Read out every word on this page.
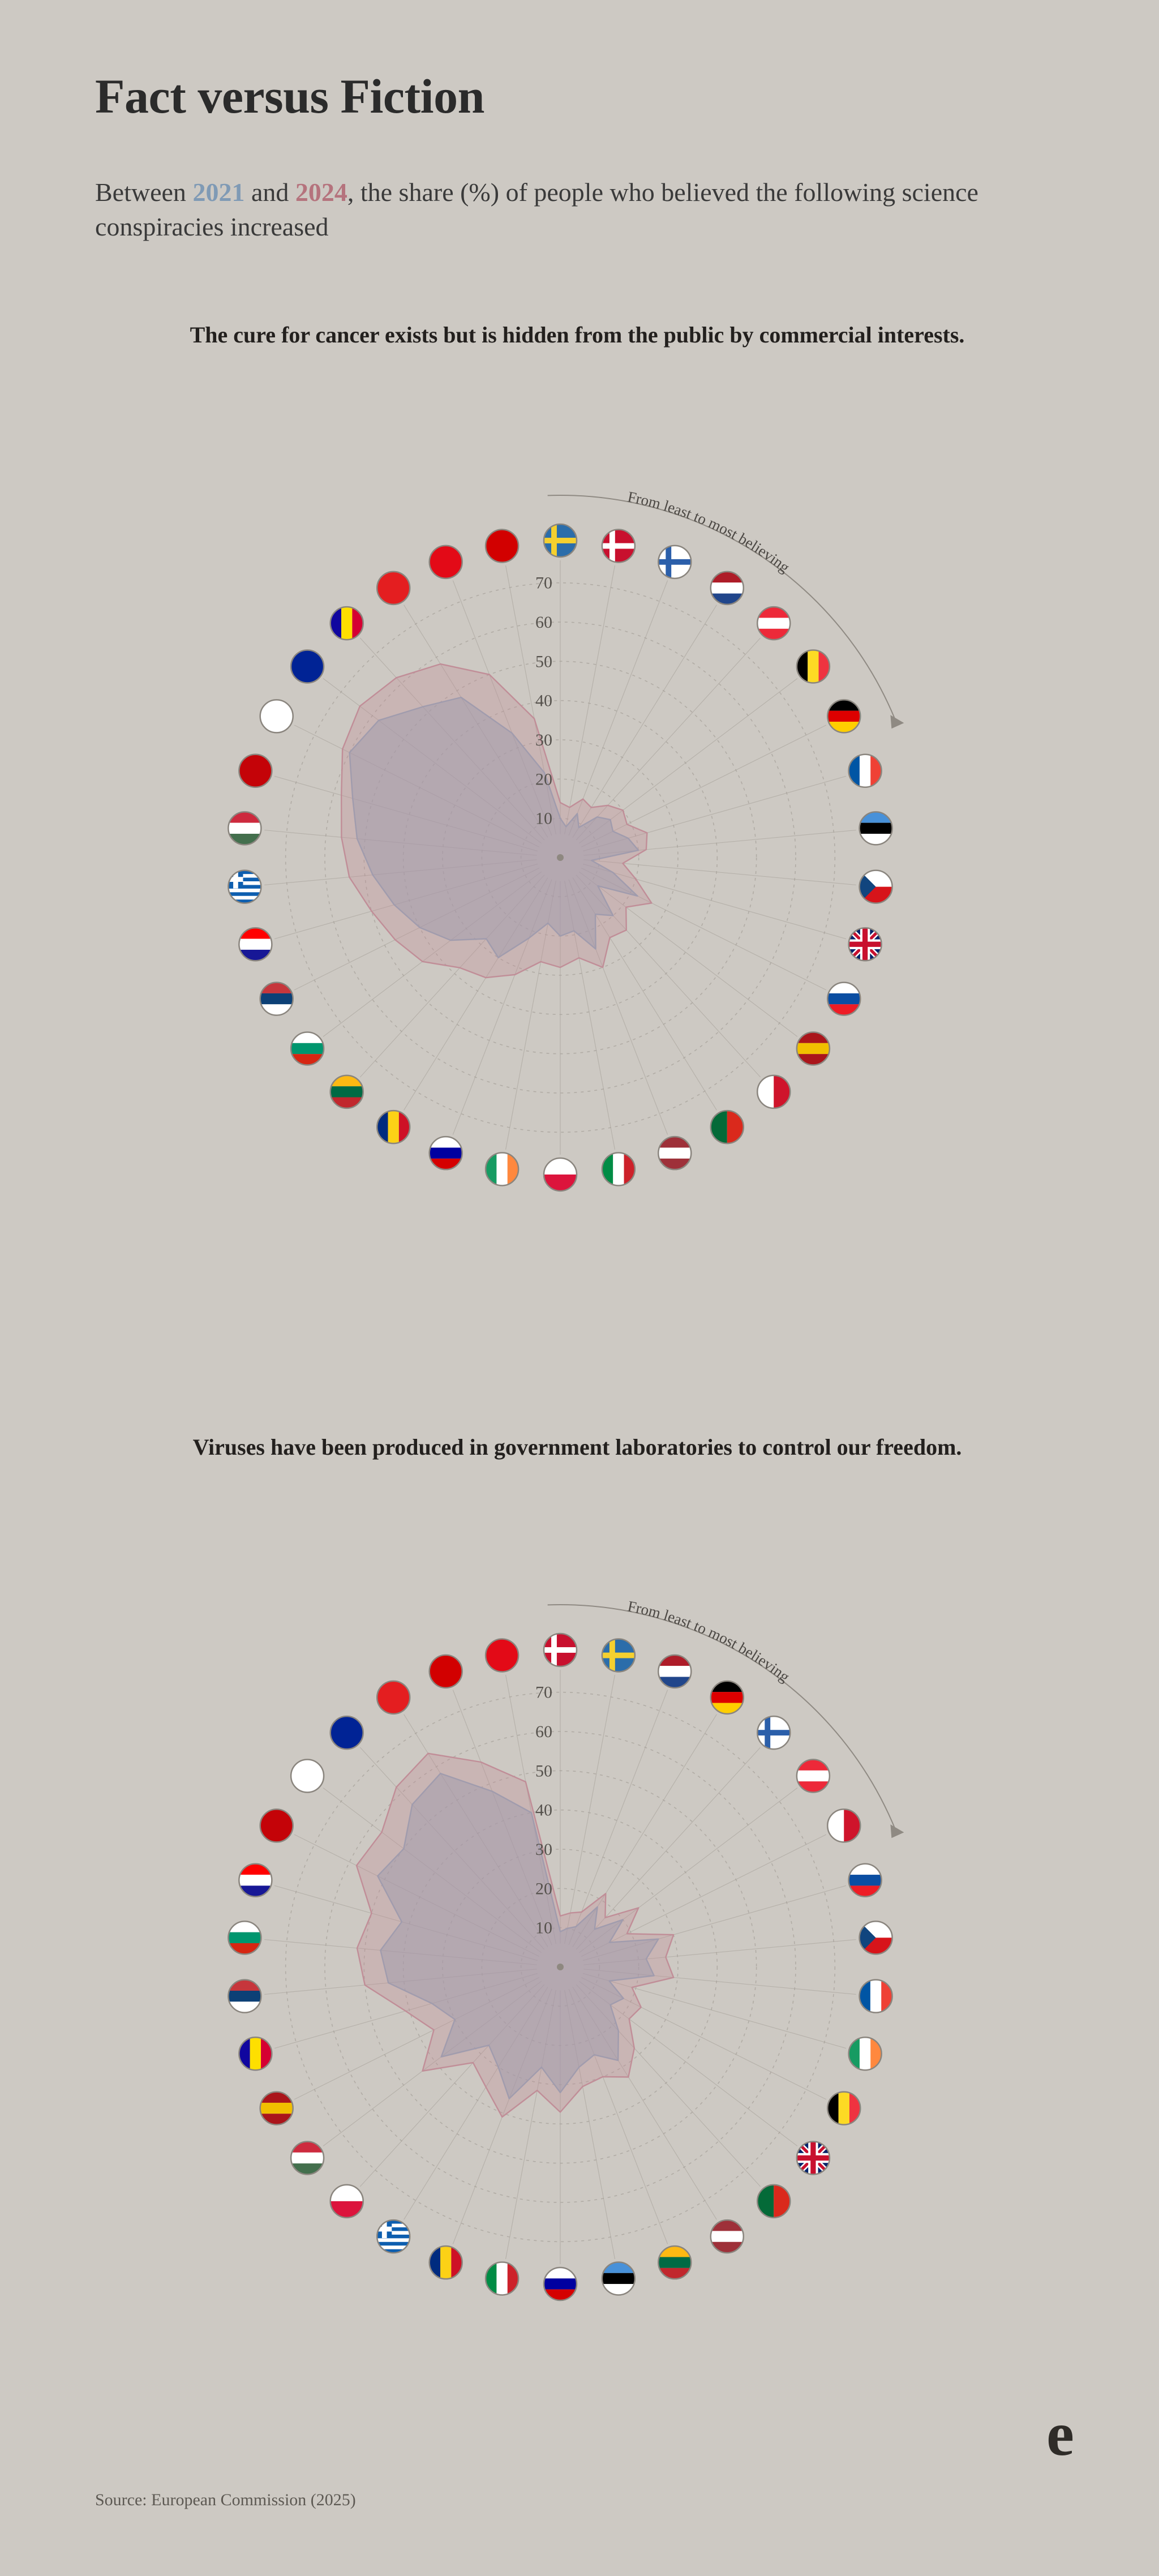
Fact versus Fiction
Between 2021 and 2024, the share (%) of people who believed the following science conspiracies increased
The cure for cancer exists but is hidden from the public by commercial interests.
10
20
30
40
50
60
70
From least to most believing
Viruses have been produced in government laboratories to control our freedom.
10
20
30
40
50
60
70
From least to most believing
Source: European Commission (2025)
e
